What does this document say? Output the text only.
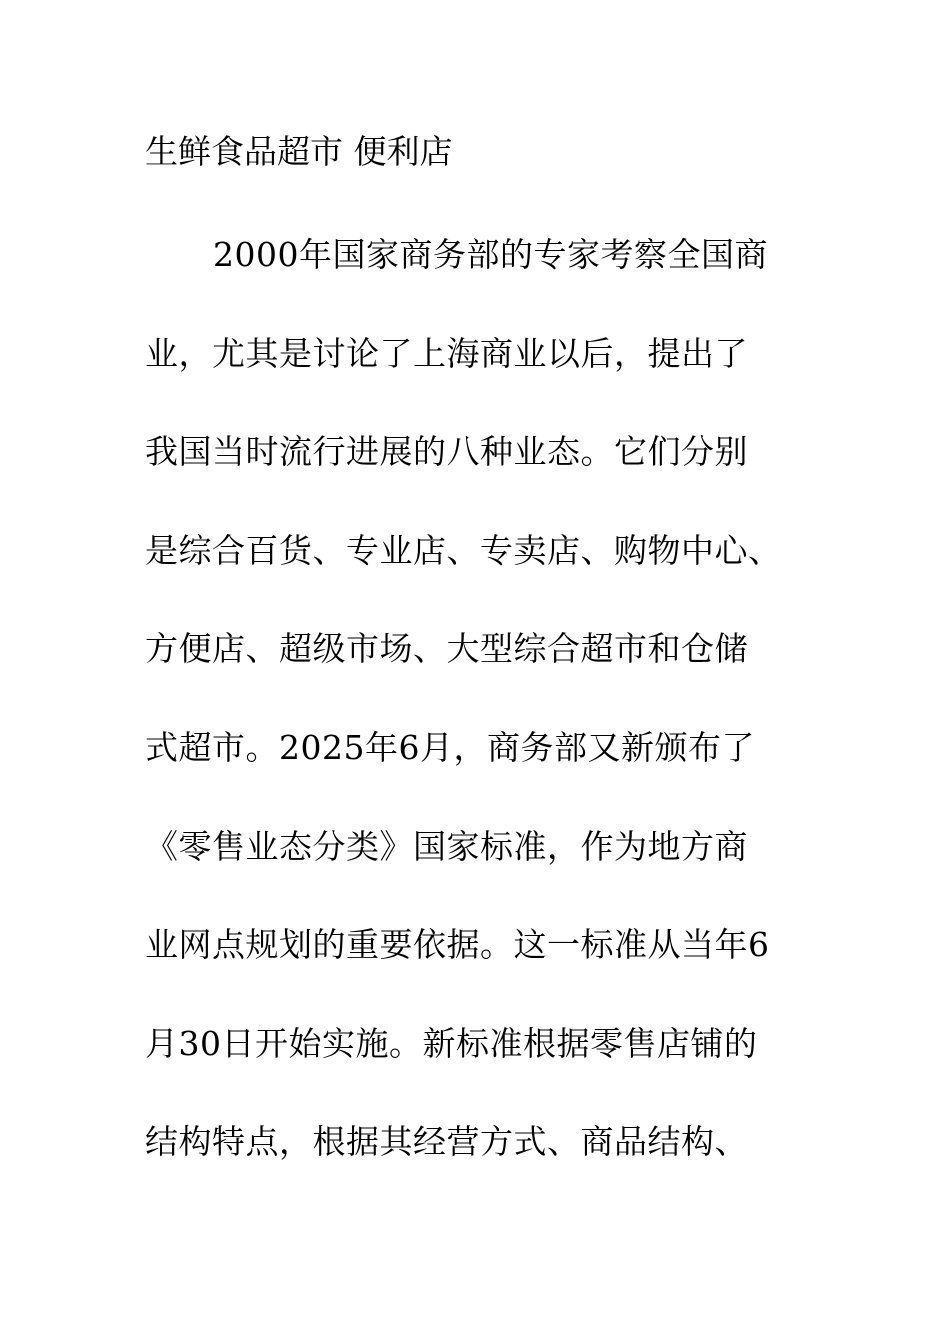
生鲜食品超市 便利店
2000年国家商务部的专家考察全国商
业，尤其是讨论了上海商业以后，提出了
我国当时流行进展的八种业态。它们分别
是综合百货、专业店、专卖店、购物中心、
方便店、超级市场、大型综合超市和仓储
式超市。2025年6月，商务部又新颁布了
《零售业态分类》国家标准，作为地方商
业网点规划的重要依据。这一标准从当年6
月30日开始实施。新标准根据零售店铺的
结构特点，根据其经营方式、商品结构、
